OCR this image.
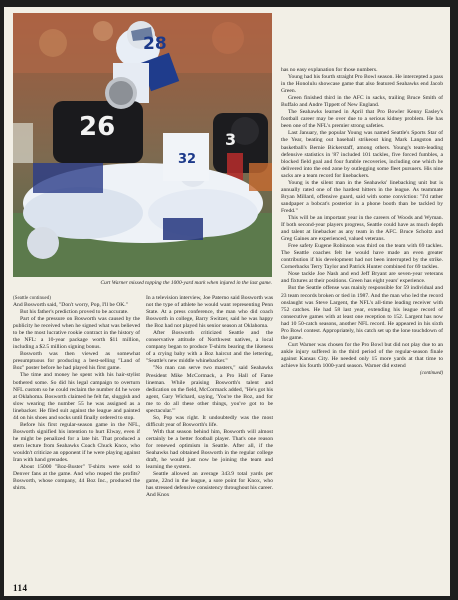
28
26	3
32
Curt Warner missed topping the 1000-yard mark when injured in the last game.
(Seattle continued)

And Bosworth said, "Don't worry, Pop, I'll be OK."

But his father's prediction proved to be accurate.

Part of the pressure on Bosworth was caused by the publicity he received when he signed what was believed to be the most lucrative rookie contract in the history of the NFL: a 10-year package worth $11 million, including a $2.5 million signing bonus.

Bosworth was then viewed as somewhat presumptuous for producing a best-selling "Land of Boz" poster before he had played his first game.

The time and money he spent with his hair-stylist bothered some. So did his legal campaign to overturn NFL custom so he could reclaim the number 44 he wore at Oklahoma. Bosworth claimed he felt fat, sluggish and slow wearing the number 55 he was assigned as a linebacker. He filed suit against the league and painted 44 on his shoes and socks until finally ordered to stop.

Before his first regular-season game in the NFL, Bosworth signified his intention to hurt Elway, even if he might be penalized for a late hit. That produced a stern lecture from Seahawks Coach Chuck Knox, who wouldn't criticize an opponent if he were playing against Iran with hand grenades.

About 15000 "Boz-Buster" T-shirts were sold to Denver fans at the game. And who reaped the profits? Bosworth, whose company, 44 Boz Inc., produced the shirts.

In a television interview, Joe Paterno said Bosworth was not the type of athlete he would want representing Penn State. At a press conference, the man who did coach Bosworth in college, Barry Switzer, said he was happy the Boz had not played his senior season at Oklahoma.

After Bosworth criticized Seattle and the conservative attitude of Northwest natives, a local company began to produce T-shirts bearing the likeness of a crying baby with a Boz haircut and the lettering, "Seattle's new middle whinebacker."

"No man can serve two masters," said Seahawks President Mike McCormack, a Pro Hall of Fame lineman. While praising Bosworth's talent and dedication on the field, McCormack added, "He's got his agent, Gary Wichard, saying, 'You're the Boz, and for me to do all these other things, you've got to be spectacular.'"

So, Pop was right. It undoubtedly was the most difficult year of Bosworth's life.

With that season behind him, Bosworth will almost certainly be a better football player. That's one reason for renewed optimism in Seattle. After all, if the Seahawks had obtained Bosworth in the regular college draft, he would just now be joining the team and learning the system.

Seattle allowed an average 343.9 total yards per game, 22nd in the league, a sore point for Knox, who has stressed defensive consistency throughout his career. And Knox

has no easy explanation for those numbers.

Young had his fourth straight Pro Bowl season. He intercepted a pass in the Honolulu showcase game that also featured Seahawks end Jacob Green.

Green finished third in the AFC in sacks, trailing Bruce Smith of Buffalo and Andre Tippett of New England.

The Seahawks learned in April that Pro Bowler Kenny Easley's football career may be over due to a serious kidney problem. He has been one of the NFL's premier strong safeties.

Last January, the popular Young was named Seattle's Sports Star of the Year, beating out baseball strikeout king Mark Langston and basketball's Bernie Bickerstaff, among others. Young's team-leading defensive statistics in '87 included 101 tackles, five forced fumbles, a blocked field goal and four fumble recoveries, including one which he delivered into the end zone by outlegging some fleet pursuers. His nine sacks are a team record for linebackers.

Young is the silent man in the Seahawks' linebacking unit but is annually rated one of the hardest hitters in the league. As teammate Bryan Millard, offensive guard, said with some conviction: "I'd rather sandpaper a bobcat's posterior in a phone booth than be tackled by Fredd."

This will be an important year in the careers of Woods and Wyman. If both second-year players progress, Seattle could have as much depth and talent at linebacker as any team in the AFC. Bruce Scholtz and Greg Gaines are experienced, valued veterans.

Free safety Eugene Robinson was third on the team with 69 tackles. The Seattle coaches felt he would have made an even greater contribution if his development had not been interrupted by the strike. Cornerbacks Terry Taylor and Patrick Hunter combined for 69 tackles.

Nose tackle Joe Nash and end Jeff Bryant are seven-year veterans and fixtures at their positions. Green has eight years' experience.

But the Seattle offense was mainly responsible for 59 individual and 23 team records broken or tied in 1987. And the man who led the record onslaught was Steve Largent, the NFL's all-time leading receiver with 752 catches. He had 58 last year, extending his league record of consecutive games with at least one reception to 152. Largent has now had 10 50-catch seasons, another NFL record. He appeared in his sixth Pro Bowl contest. Appropriately, his catch set up the lone touchdown of the game.

Curt Warner was chosen for the Pro Bowl but did not play due to an ankle injury suffered in the third period of the regular-season finale against Kansas City. He needed only 15 more yards at that time to achieve his fourth 1000-yard season. Warner did extend

(continued)
114
